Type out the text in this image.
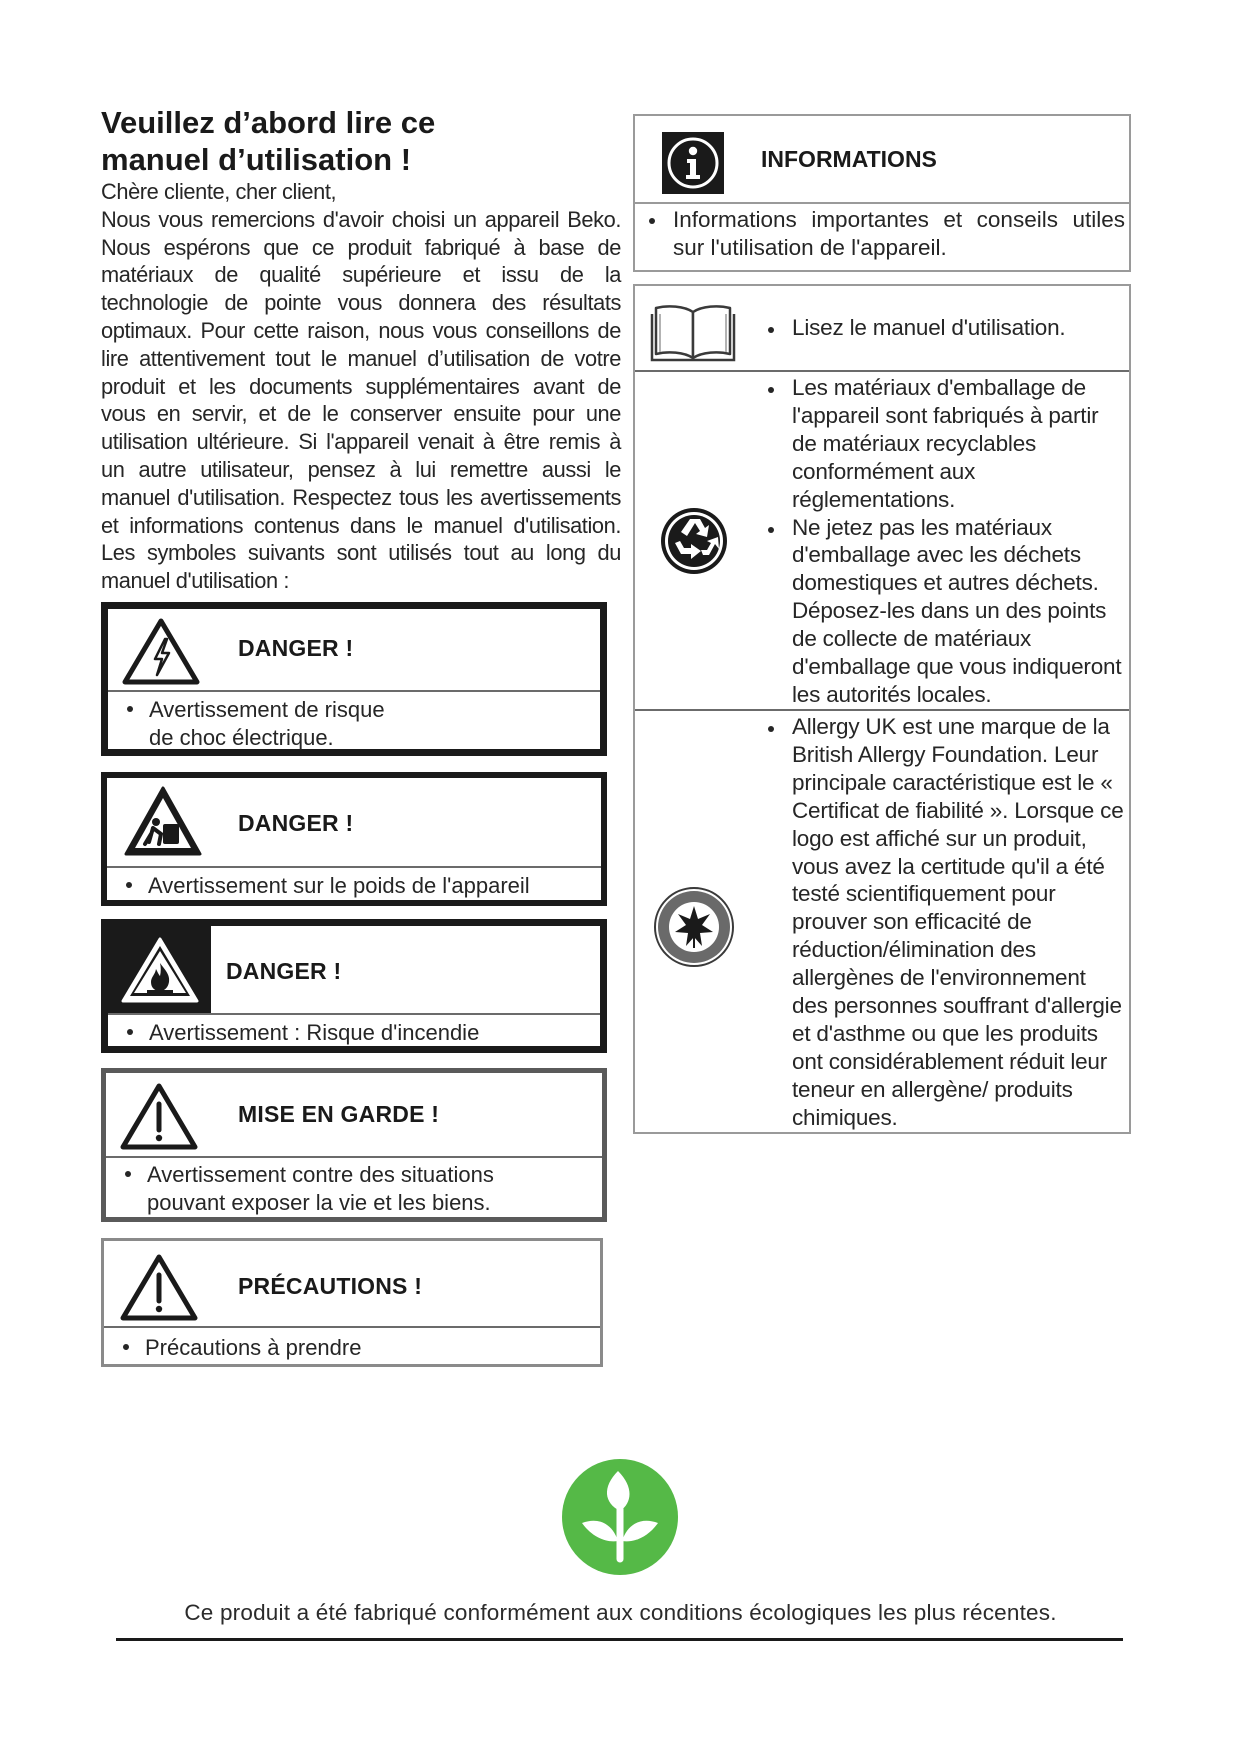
Veuillez d’abord lire ce
manuel d’utilisation !

Chère cliente, cher client,

Nous vous remercions d'avoir choisi un appareil Beko. Nous espérons que ce produit fabriqué à base de matériaux de qualité supérieure et issu de la technologie de pointe vous donnera des résultats optimaux. Pour cette raison, nous vous conseillons de lire attentivement tout le manuel d’utilisation de votre produit et les documents supplémentaires avant de vous en servir, et de le conserver ensuite pour une utilisation ultérieure. Si l'appareil venait à être remis à un autre utilisateur, pensez à lui remettre aussi le manuel d'utilisation. Respectez tous les avertissements et informations contenus dans le manuel d'utilisation. Les symboles suivants sont utilisés tout au long du manuel d'utilisation :

DANGER !
Avertissement de risque
de choc électrique.
DANGER !
Avertissement sur le poids de l'appareil
DANGER !
Avertissement : Risque d'incendie
MISE EN GARDE !
Avertissement contre des situations
pouvant exposer la vie et les biens.
PRÉCAUTIONS !
Précautions à prendre
INFORMATIONS
Informations importantes et conseils utiles sur l'utilisation de l'appareil.
Lisez le manuel d'utilisation.
Les matériaux d'emballage de l'appareil sont fabriqués à partir de matériaux recyclables conformément aux réglementations.
Ne jetez pas les matériaux d'emballage avec les déchets domestiques et autres déchets. Déposez-les dans un des points de collecte de matériaux d'emballage que vous indiqueront les autorités locales.
Allergy UK est une marque de la British Allergy Foundation. Leur principale caractéristique est le « Certificat de fiabilité ». Lorsque ce logo est affiché sur un produit, vous avez la certitude qu'il a été testé scientifiquement pour prouver son efficacité de réduction/élimination des allergènes de l'environnement des personnes souffrant d'allergie et d'asthme ou que les produits ont considérablement réduit leur teneur en allergène/ produits chimiques.
Ce produit a été fabriqué conformément aux conditions écologiques les plus récentes.
